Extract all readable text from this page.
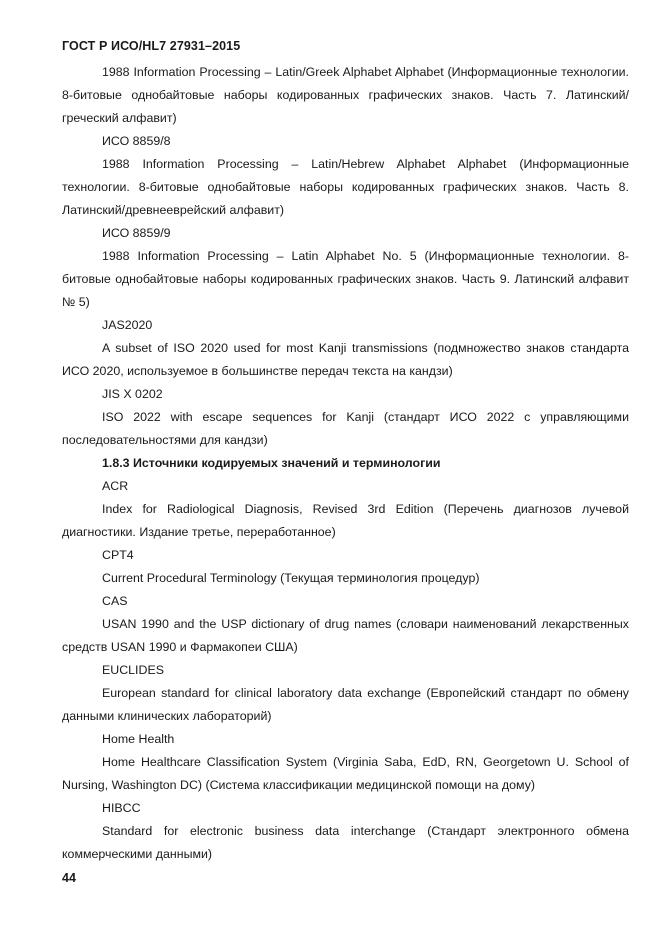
ГОСТ Р ИСО/HL7 27931–2015

1988 Information Processing – Latin/Greek Alphabet Alphabet (Информационные технологии. 8-битовые однобайтовые наборы кодированных графических знаков. Часть 7. Латинский/греческий алфавит)

ИСО 8859/8

1988 Information Processing – Latin/Hebrew Alphabet Alphabet (Информационные технологии. 8-битовые однобайтовые наборы кодированных графических знаков. Часть 8. Латинский/древнееврейский алфавит)

ИСО 8859/9

1988 Information Processing – Latin Alphabet No. 5 (Информационные технологии. 8-битовые однобайтовые наборы кодированных графических знаков. Часть 9. Латинский алфавит № 5)

JAS2020

A subset of ISO 2020 used for most Kanji transmissions (подмножество знаков стандарта ИСО 2020, используемое в большинстве передач текста на кандзи)

JIS X 0202

ISO 2022 with escape sequences for Kanji (стандарт ИСО 2022 с управляющими последовательностями для кандзи)

1.8.3 Источники кодируемых значений и терминологии

ACR

Index for Radiological Diagnosis, Revised 3rd Edition (Перечень диагнозов лучевой диагностики. Издание третье, переработанное)

CPT4

Current Procedural Terminology (Текущая терминология процедур)

CAS

USAN 1990 and the USP dictionary of drug names (словари наименований лекарственных средств USAN 1990 и Фармакопеи США)

EUCLIDES

European standard for clinical laboratory data exchange (Европейский стандарт по обмену данными клинических лабораторий)

Home Health

Home Healthcare Classification System (Virginia Saba, EdD, RN, Georgetown U. School of Nursing, Washington DC) (Система классификации медицинской помощи на дому)

HIBCC

Standard for electronic business data interchange (Стандарт электронного обмена коммерческими данными)

44
